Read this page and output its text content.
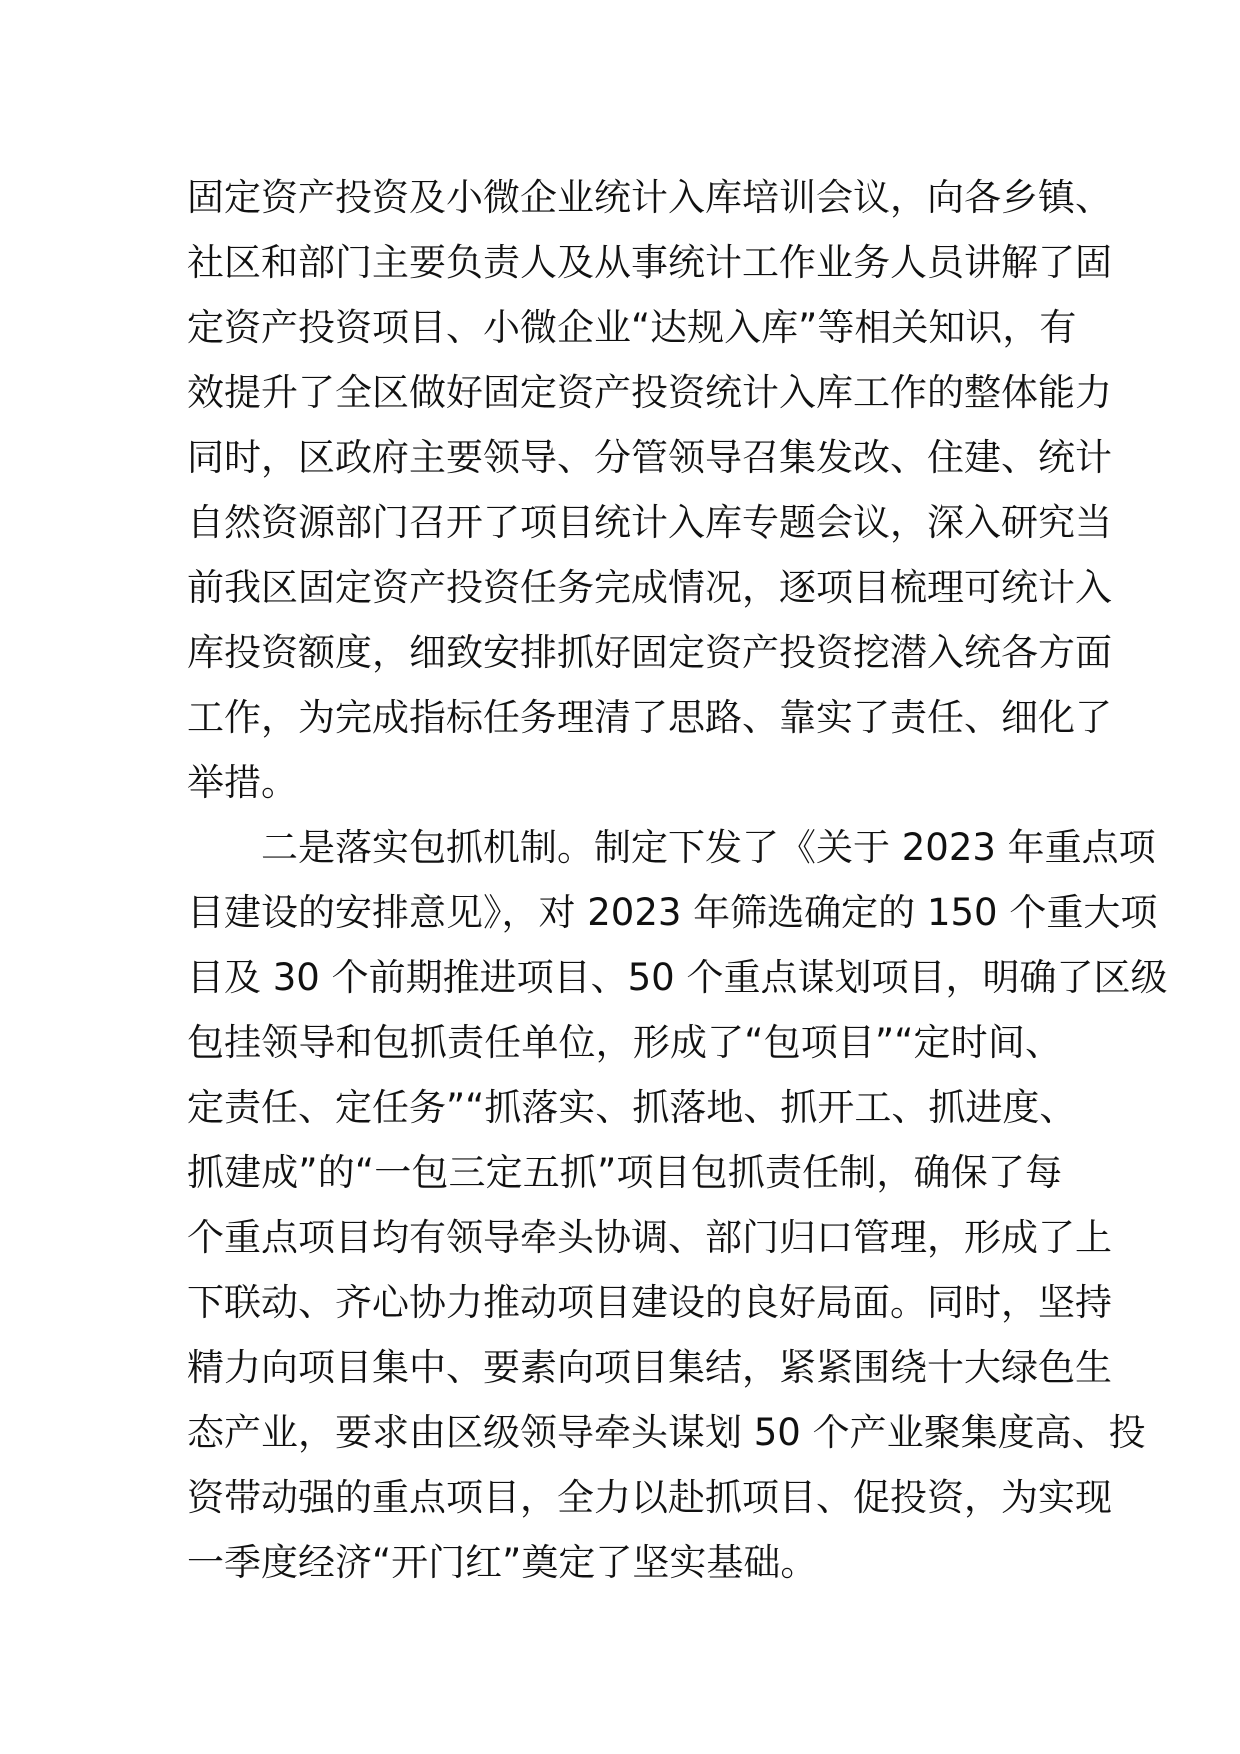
固定资产投资及小微企业统计入库培训会议，向各乡镇、
社区和部门主要负责人及从事统计工作业务人员讲解了固
定资产投资项目、小微企业“达规入库”等相关知识，有
效提升了全区做好固定资产投资统计入库工作的整体能力
同时，区政府主要领导、分管领导召集发改、住建、统计
自然资源部门召开了项目统计入库专题会议，深入研究当
前我区固定资产投资任务完成情况，逐项目梳理可统计入
库投资额度，细致安排抓好固定资产投资挖潜入统各方面
工作，为完成指标任务理清了思路、靠实了责任、细化了
举措。
二是落实包抓机制。制定下发了《关于 2023 年重点项
目建设的安排意见》，对 2023 年筛选确定的 150 个重大项
目及 30 个前期推进项目、50 个重点谋划项目，明确了区级
包挂领导和包抓责任单位，形成了“包项目”“定时间、
定责任、定任务”“抓落实、抓落地、抓开工、抓进度、
抓建成”的“一包三定五抓”项目包抓责任制，确保了每
个重点项目均有领导牵头协调、部门归口管理，形成了上
下联动、齐心协力推动项目建设的良好局面。同时，坚持
精力向项目集中、要素向项目集结，紧紧围绕十大绿色生
态产业，要求由区级领导牵头谋划 50 个产业聚集度高、投
资带动强的重点项目，全力以赴抓项目、促投资，为实现
一季度经济“开门红”奠定了坚实基础。
